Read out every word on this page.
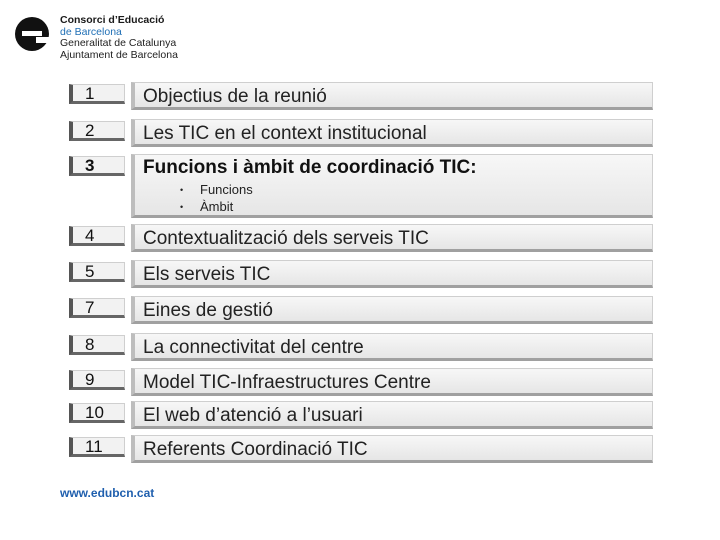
Consorci d’Educació
de Barcelona
Generalitat de Catalunya
Ajuntament de Barcelona
1	Objectius de la reunió
2	Les TIC en el context institucional
3	Funcions i àmbit de coordinació TIC:
• Funcions
• Àmbit
4	Contextualització dels serveis TIC
5	Els serveis TIC
7	Eines de gestió
8	La connectivitat del centre
9	Model TIC-Infraestructures Centre
10	El web d’atenció a l’usuari
11	Referents Coordinació TIC
www.edubcn.cat
